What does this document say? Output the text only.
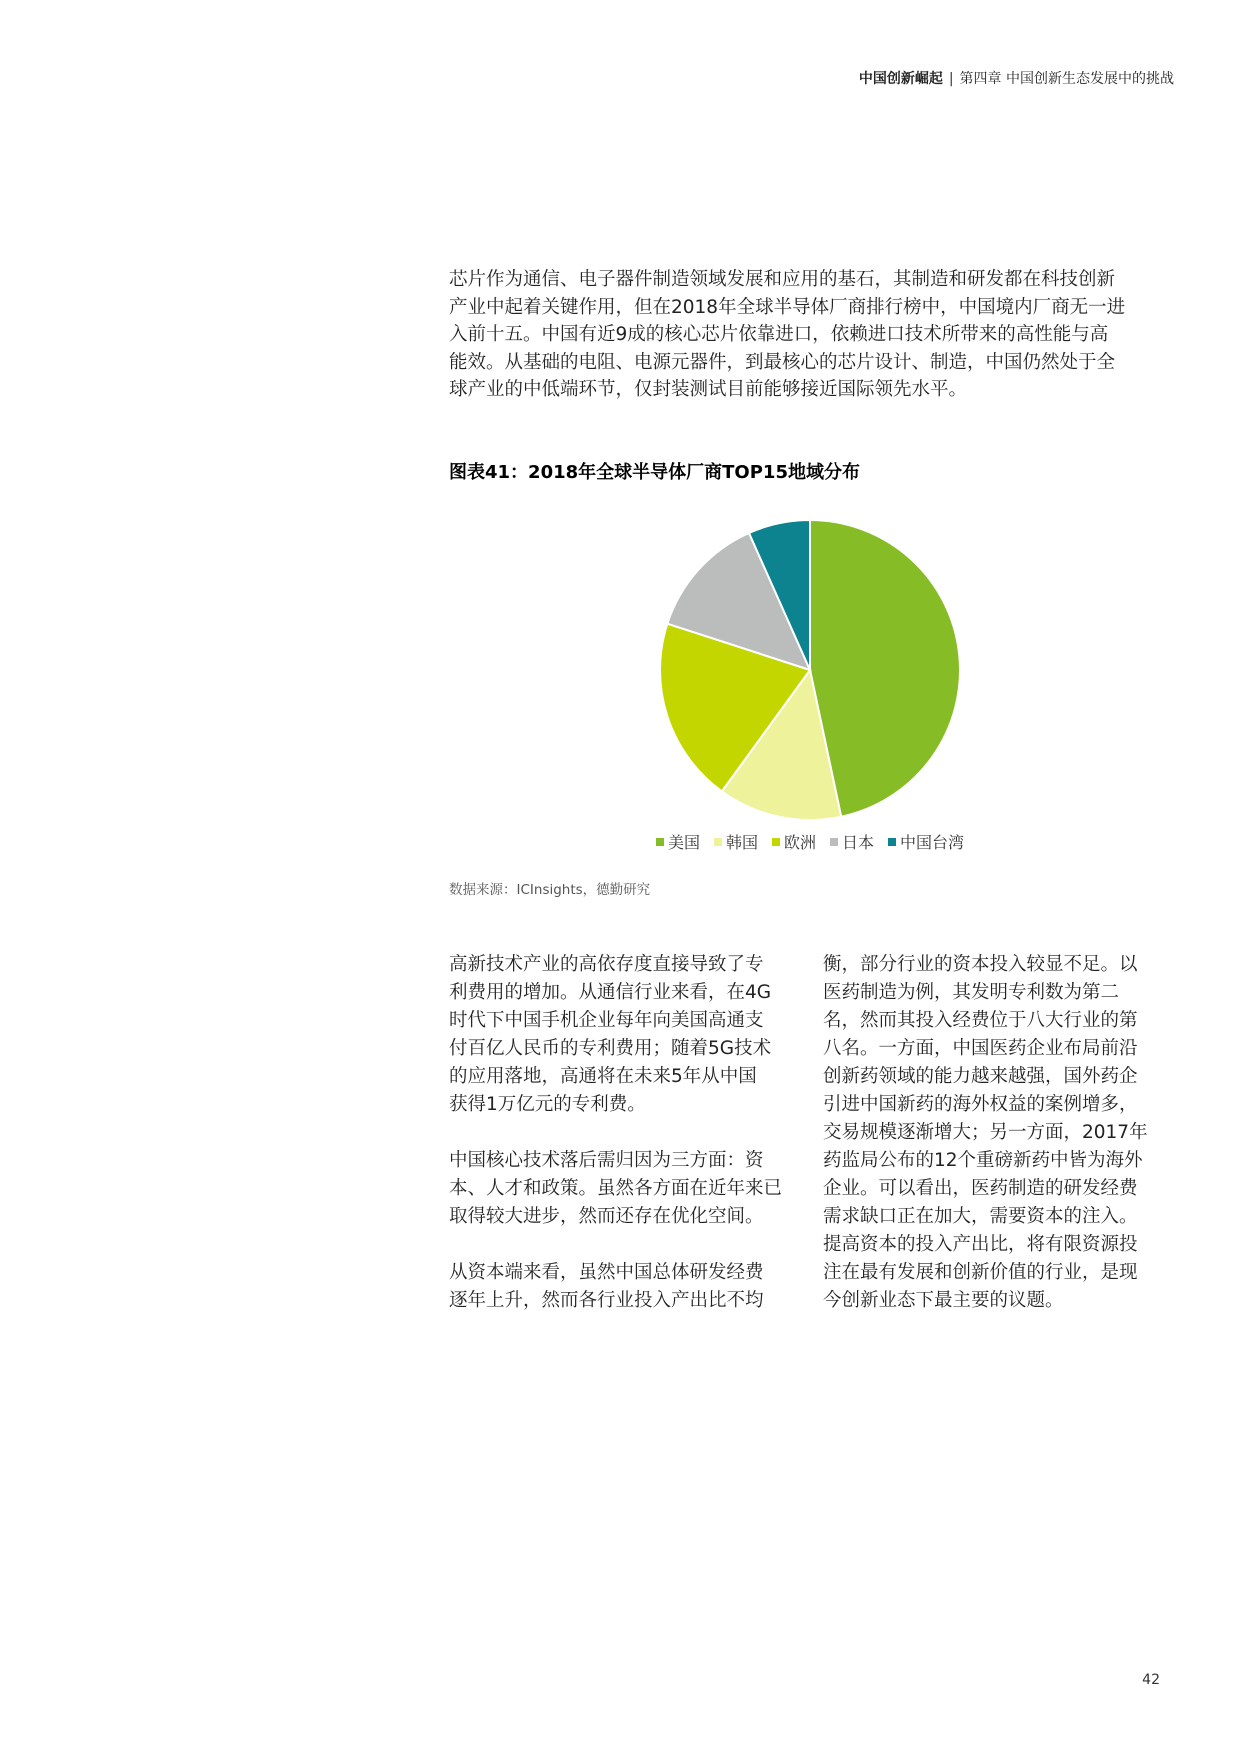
中国创新崛起 | 第四章 中国创新生态发展中的挑战

芯片作为通信、电子器件制造领域发展和应用的基石，其制造和研发都在科技创新
产业中起着关键作用，但在2018年全球半导体厂商排行榜中，中国境内厂商无一进
入前十五。中国有近9成的核心芯片依靠进口，依赖进口技术所带来的高性能与高
能效。从基础的电阻、电源元器件，到最核心的芯片设计、制造，中国仍然处于全
球产业的中低端环节，仅封装测试目前能够接近国际领先水平。

图表41：2018年全球半导体厂商TOP15地域分布
美国 韩国 欧洲 日本 中国台湾
数据来源：ICInsights，德勤研究

高新技术产业的高依存度直接导致了专
利费用的增加。从通信行业来看，在4G
时代下中国手机企业每年向美国高通支
付百亿人民币的专利费用；随着5G技术
的应用落地，高通将在未来5年从中国
获得1万亿元的专利费。

中国核心技术落后需归因为三方面：资
本、人才和政策。虽然各方面在近年来已
取得较大进步，然而还存在优化空间。

从资本端来看，虽然中国总体研发经费
逐年上升，然而各行业投入产出比不均

衡，部分行业的资本投入较显不足。以
医药制造为例，其发明专利数为第二
名，然而其投入经费位于八大行业的第
八名。一方面，中国医药企业布局前沿
创新药领域的能力越来越强，国外药企
引进中国新药的海外权益的案例增多，
交易规模逐渐增大；另一方面，2017年
药监局公布的12个重磅新药中皆为海外
企业。可以看出，医药制造的研发经费
需求缺口正在加大，需要资本的注入。
提高资本的投入产出比，将有限资源投
注在最有发展和创新价值的行业，是现
今创新业态下最主要的议题。

42
